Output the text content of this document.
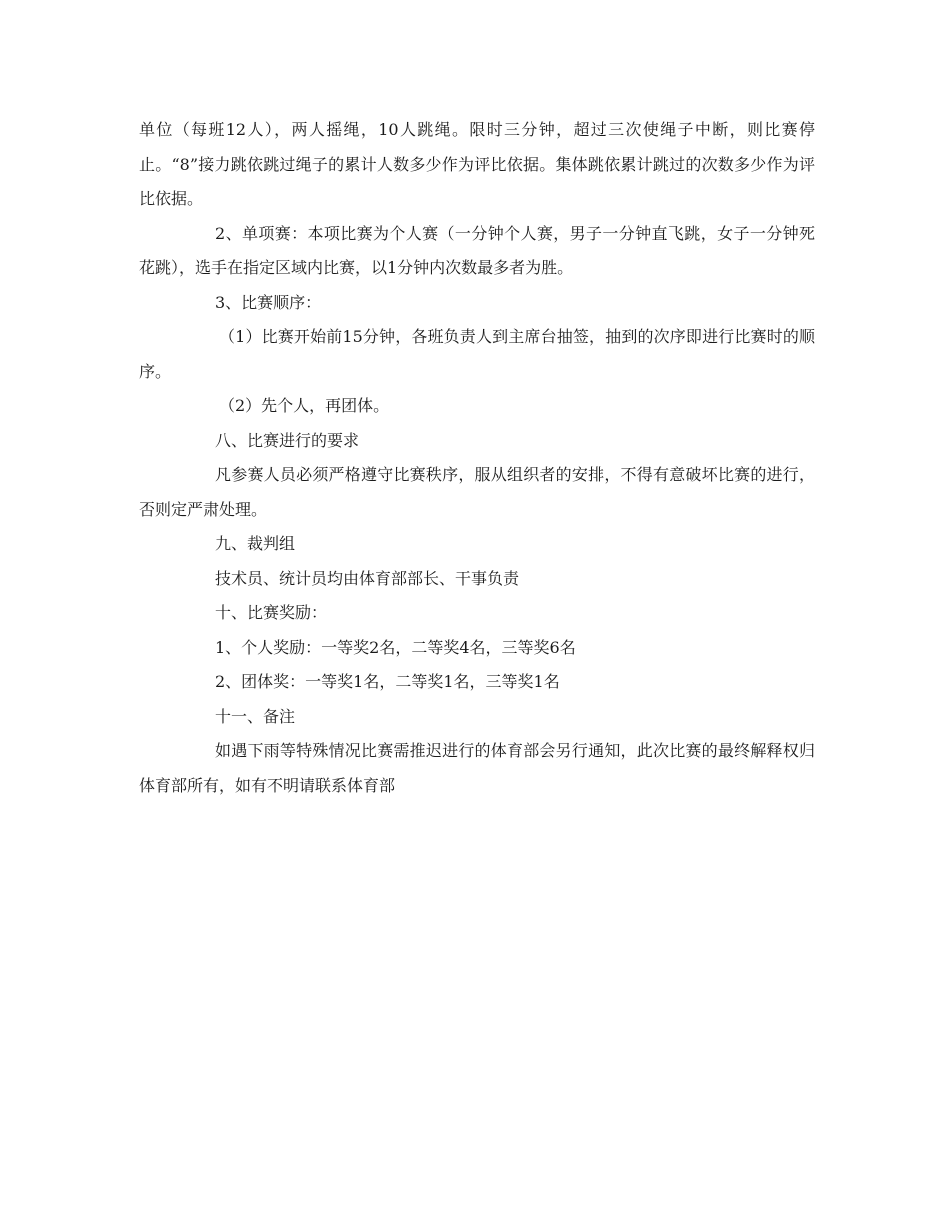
单位（每班12人），两人摇绳，10人跳绳。限时三分钟，超过三次使绳子中断，则比赛停止。“8”接力跳依跳过绳子的累计人数多少作为评比依据。集体跳依累计跳过的次数多少作为评比依据。

2、单项赛：本项比赛为个人赛（一分钟个人赛，男子一分钟直飞跳，女子一分钟死花跳），选手在指定区域内比赛，以1分钟内次数最多者为胜。

3、比赛顺序：

（1）比赛开始前15分钟，各班负责人到主席台抽签，抽到的次序即进行比赛时的顺序。

（2）先个人，再团体。

八、比赛进行的要求

凡参赛人员必须严格遵守比赛秩序，服从组织者的安排，不得有意破坏比赛的进行，否则定严肃处理。

九、裁判组

技术员、统计员均由体育部部长、干事负责

十、比赛奖励：

1、个人奖励：一等奖2名，二等奖4名，三等奖6名

2、团体奖：一等奖1名，二等奖1名，三等奖1名

十一、备注

如遇下雨等特殊情况比赛需推迟进行的体育部会另行通知，此次比赛的最终解释权归体育部所有，如有不明请联系体育部
